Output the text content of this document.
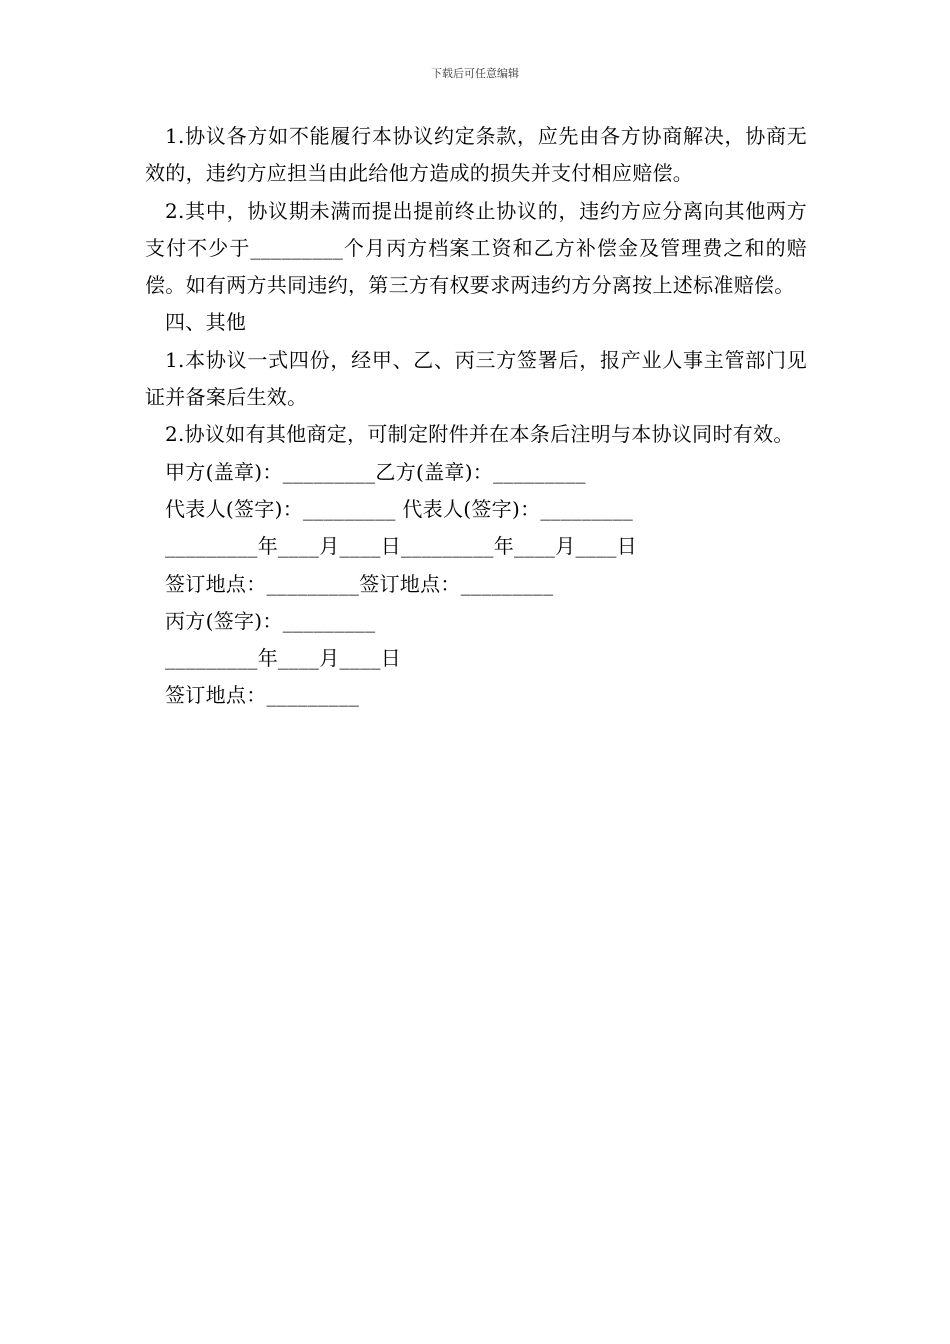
下载后可任意编辑

1.协议各方如不能履行本协议约定条款，应先由各方协商解决，协商无效的，违约方应担当由此给他方造成的损失并支付相应赔偿。

2.其中，协议期未满而提出提前终止协议的，违约方应分离向其他两方支付不少于_________个月丙方档案工资和乙方补偿金及管理费之和的赔偿。如有两方共同违约，第三方有权要求两违约方分离按上述标准赔偿。

四、其他

1.本协议一式四份，经甲、乙、丙三方签署后，报产业人事主管部门见证并备案后生效。

2.协议如有其他商定，可制定附件并在本条后注明与本协议同时有效。

甲方(盖章)：_________乙方(盖章)：_________

代表人(签字)：_________ 代表人(签字)：_________

_________年____月____日_________年____月____日

签订地点：_________签订地点：_________

丙方(签字)：_________

_________年____月____日

签订地点：_________
